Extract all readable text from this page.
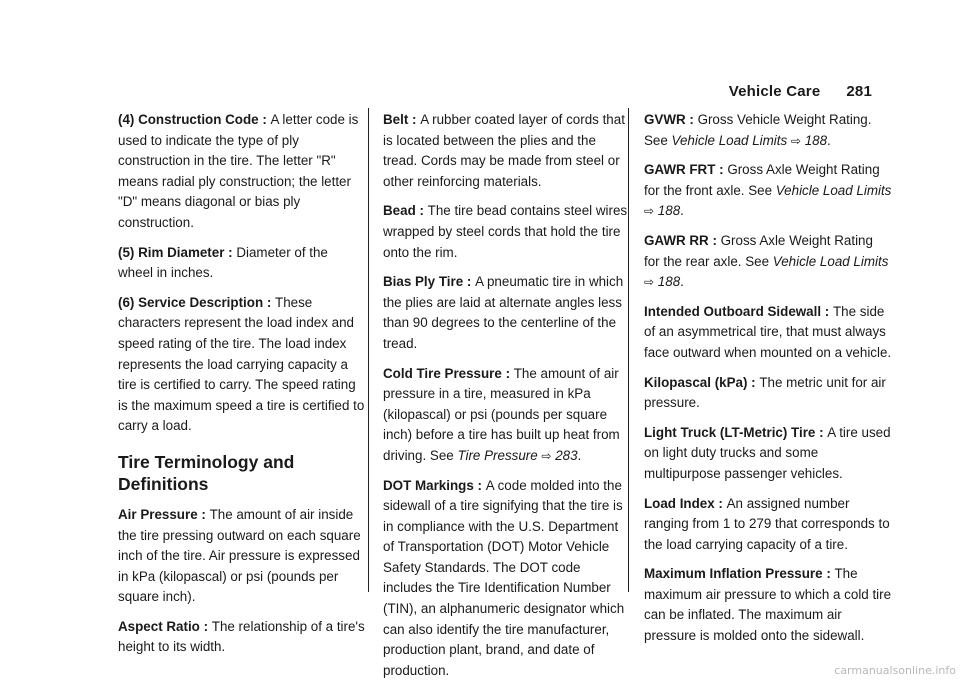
Vehicle Care 281

(4) Construction Code : A letter code is used to indicate the type of ply construction in the tire. The letter "R" means radial ply construction; the letter "D" means diagonal or bias ply construction.

(5) Rim Diameter : Diameter of the wheel in inches.

(6) Service Description : These characters represent the load index and speed rating of the tire. The load index represents the load carrying capacity a tire is certified to carry. The speed rating is the maximum speed a tire is certified to carry a load.

Tire Terminology and Definitions

Air Pressure : The amount of air inside the tire pressing outward on each square inch of the tire. Air pressure is expressed in kPa (kilopascal) or psi (pounds per square inch).

Aspect Ratio : The relationship of a tire's height to its width.

Belt : A rubber coated layer of cords that is located between the plies and the tread. Cords may be made from steel or other reinforcing materials.

Bead : The tire bead contains steel wires wrapped by steel cords that hold the tire onto the rim.

Bias Ply Tire : A pneumatic tire in which the plies are laid at alternate angles less than 90 degrees to the centerline of the tread.

Cold Tire Pressure : The amount of air pressure in a tire, measured in kPa (kilopascal) or psi (pounds per square inch) before a tire has built up heat from driving. See Tire Pressure ⇨ 283.

DOT Markings : A code molded into the sidewall of a tire signifying that the tire is in compliance with the U.S. Department of Transportation (DOT) Motor Vehicle Safety Standards. The DOT code includes the Tire Identification Number (TIN), an alphanumeric designator which can also identify the tire manufacturer, production plant, brand, and date of production.

GVWR : Gross Vehicle Weight Rating. See Vehicle Load Limits ⇨ 188.

GAWR FRT : Gross Axle Weight Rating for the front axle. See Vehicle Load Limits ⇨ 188.

GAWR RR : Gross Axle Weight Rating for the rear axle. See Vehicle Load Limits ⇨ 188.

Intended Outboard Sidewall : The side of an asymmetrical tire, that must always face outward when mounted on a vehicle.

Kilopascal (kPa) : The metric unit for air pressure.

Light Truck (LT-Metric) Tire : A tire used on light duty trucks and some multipurpose passenger vehicles.

Load Index : An assigned number ranging from 1 to 279 that corresponds to the load carrying capacity of a tire.

Maximum Inflation Pressure : The maximum air pressure to which a cold tire can be inflated. The maximum air pressure is molded onto the sidewall.

carmanualsonline.info
